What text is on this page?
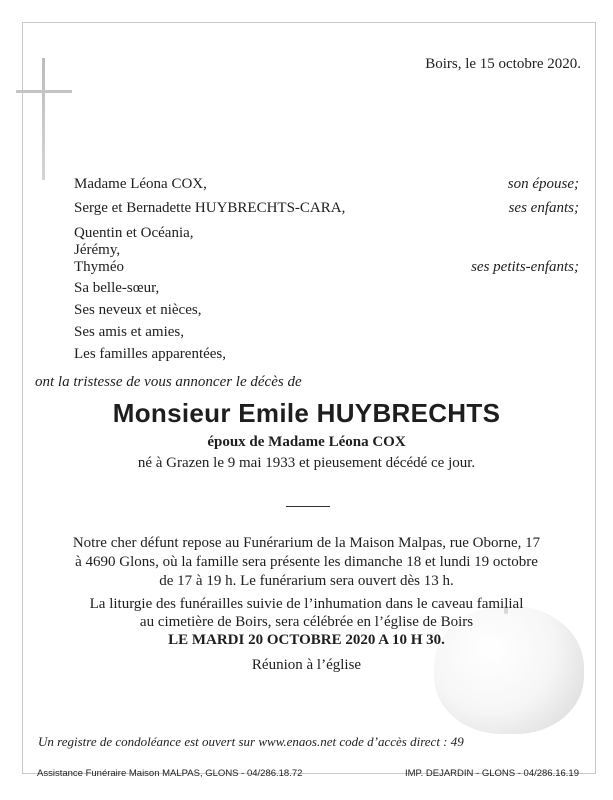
Boirs, le 15 octobre 2020.
Madame Léona COX,	son épouse;
Serge et Bernadette HUYBRECHTS-CARA,	ses enfants;
Quentin et Océania,
Jérémy,
Thyméo	ses petits-enfants;
Sa belle-sœur,
Ses neveux et nièces,
Ses amis et amies,
Les familles apparentées,
ont la tristesse de vous annoncer le décès de
Monsieur Emile HUYBRECHTS
époux de Madame Léona COX
né à Grazen le 9 mai 1933 et pieusement décédé ce jour.
Notre cher défunt repose au Funérarium de la Maison Malpas, rue Oborne, 17
à 4690 Glons, où la famille sera présente les dimanche 18 et lundi 19 octobre
de 17 à 19 h. Le funérarium sera ouvert dès 13 h.
La liturgie des funérailles suivie de l’inhumation dans le caveau familial
au cimetière de Boirs, sera célébrée en l’église de Boirs
LE MARDI 20 OCTOBRE 2020 A 10 H 30.
Réunion à l’église
Un registre de condoléance est ouvert sur www.enaos.net code d’accès direct : 49
Assistance Funéraire Maison MALPAS, GLONS - 04/286.18.72	IMP. DEJARDIN - GLONS - 04/286.16.19
